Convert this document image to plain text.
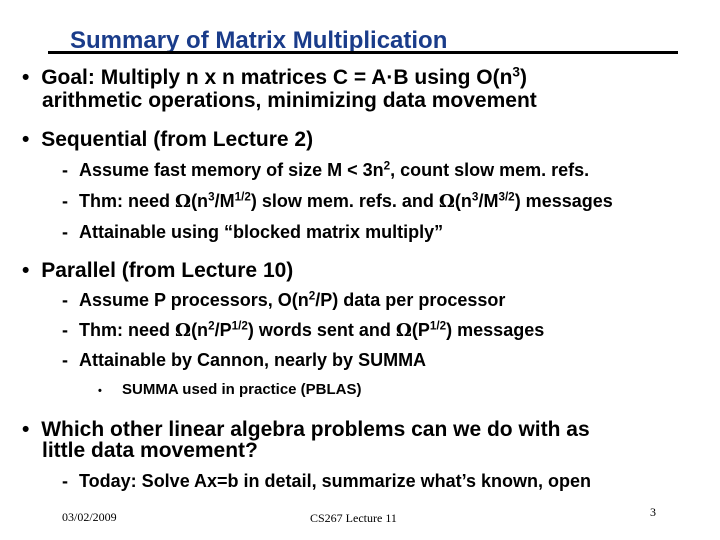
Summary of Matrix Multiplication
• Goal: Multiply n x n matrices C = A·B using $O(n^3)$
arithmetic operations, minimizing data movement
• Sequential (from Lecture 2)
- Assume fast memory of size $M < 3n^2$, count slow mem. refs.
- Thm: need $\Omega(n^3/M^{1/2})$ slow mem. refs. and $\Omega(n^3/M^{3/2})$ messages
- Attainable using “blocked matrix multiply”
• Parallel (from Lecture 10)
- Assume P processors, $O(n^2/P)$ data per processor
- Thm: need $\Omega(n^2/P^{1/2})$ words sent and $\Omega(P^{1/2})$ messages
- Attainable by Cannon, nearly by SUMMA
• SUMMA used in practice (PBLAS)
• Which other linear algebra problems can we do with as
little data movement?
- Today: Solve Ax=b in detail, summarize what’s known, open
03/02/2009	CS267 Lecture 11	3
